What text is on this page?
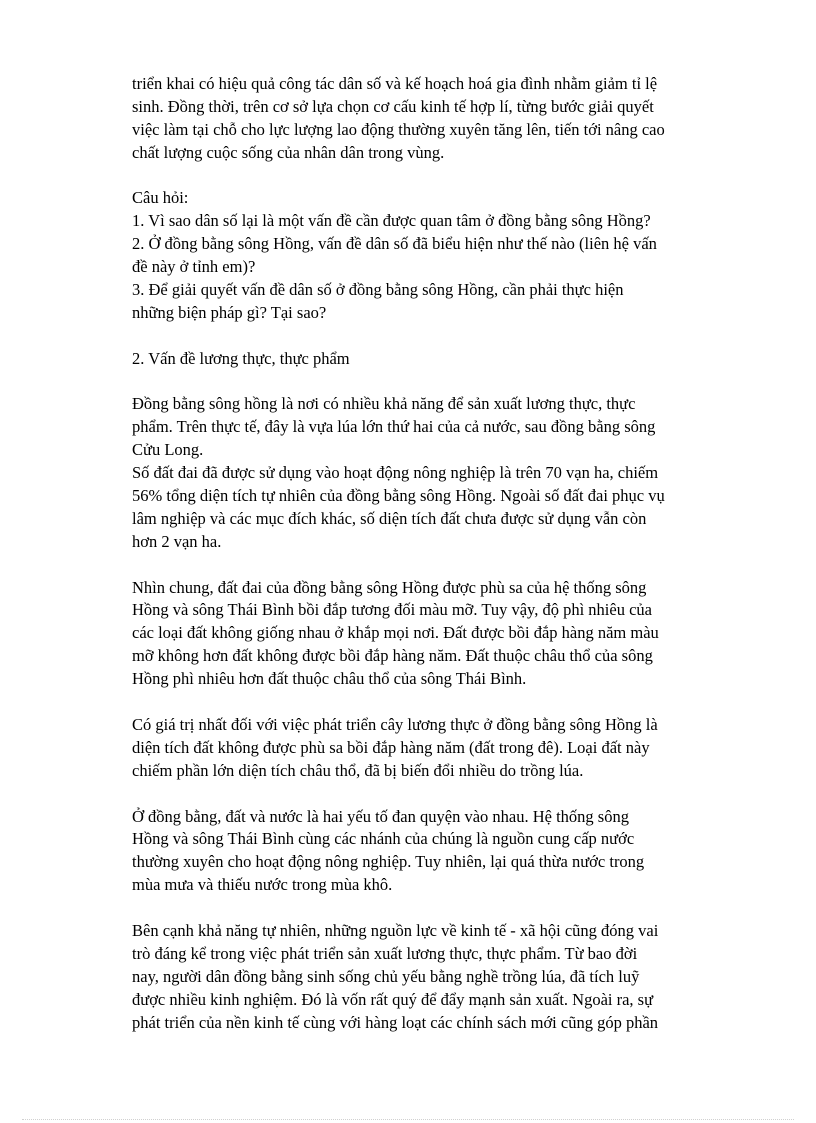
triển khai có hiệu quả công tác dân số và kế hoạch hoá gia đình nhằm giảm tỉ lệ
sinh. Đồng thời, trên cơ sở lựa chọn cơ cấu kinh tế hợp lí, từng bước giải quyết
việc làm tại chỗ cho lực lượng lao động thường xuyên tăng lên, tiến tới nâng cao
chất lượng cuộc sống của nhân dân trong vùng.
Câu hỏi:
1. Vì sao dân số lại là một vấn đề cần được quan tâm ở đồng bằng sông Hồng?
2. Ở đồng bằng sông Hồng, vấn đề dân số đã biểu hiện như thế nào (liên hệ vấn
đề này ở tỉnh em)?
3. Để giải quyết vấn đề dân số ở đồng bằng sông Hồng, cần phải thực hiện
những biện pháp gì? Tại sao?
2. Vấn đề lương thực, thực phẩm
Đồng bằng sông hồng là nơi có nhiều khả năng để sản xuất lương thực, thực
phẩm. Trên thực tế, đây là vựa lúa lớn thứ hai của cả nước, sau đồng bằng sông
Cửu Long.
Số đất đai đã được sử dụng vào hoạt động nông nghiệp là trên 70 vạn ha, chiếm
56% tổng diện tích tự nhiên của đồng bằng sông Hồng. Ngoài số đất đai phục vụ
lâm nghiệp và các mục đích khác, số diện tích đất chưa được sử dụng vẫn còn
hơn 2 vạn ha.
Nhìn chung, đất đai của đồng bằng sông Hồng được phù sa của hệ thống sông
Hồng và sông Thái Bình bồi đắp tương đối màu mỡ. Tuy vậy, độ phì nhiêu của
các loại đất không giống nhau ở khắp mọi nơi. Đất được bồi đắp hàng năm màu
mỡ không hơn đất không được bồi đắp hàng năm. Đất thuộc châu thổ của sông
Hồng phì nhiêu hơn đất thuộc châu thổ của sông Thái Bình.
Có giá trị nhất đối với việc phát triển cây lương thực ở đồng bằng sông Hồng là
diện tích đất không được phù sa bồi đắp hàng năm (đất trong đê). Loại đất này
chiếm phần lớn diện tích châu thổ, đã bị biến đổi nhiều do trồng lúa.
Ở đồng bằng, đất và nước là hai yếu tố đan quyện vào nhau. Hệ thống sông
Hồng và sông Thái Bình cùng các nhánh của chúng là nguồn cung cấp nước
thường xuyên cho hoạt động nông nghiệp. Tuy nhiên, lại quá thừa nước trong
mùa mưa và thiếu nước trong mùa khô.
Bên cạnh khả năng tự nhiên, những nguồn lực về kinh tế - xã hội cũng đóng vai
trò đáng kể trong việc phát triển sản xuất lương thực, thực phẩm. Từ bao đời
nay, người dân đồng bằng sinh sống chủ yếu bằng nghề trồng lúa, đã tích luỹ
được nhiều kinh nghiệm. Đó là vốn rất quý để đẩy mạnh sản xuất. Ngoài ra, sự
phát triển của nền kinh tế cùng với hàng loạt các chính sách mới cũng góp phần
